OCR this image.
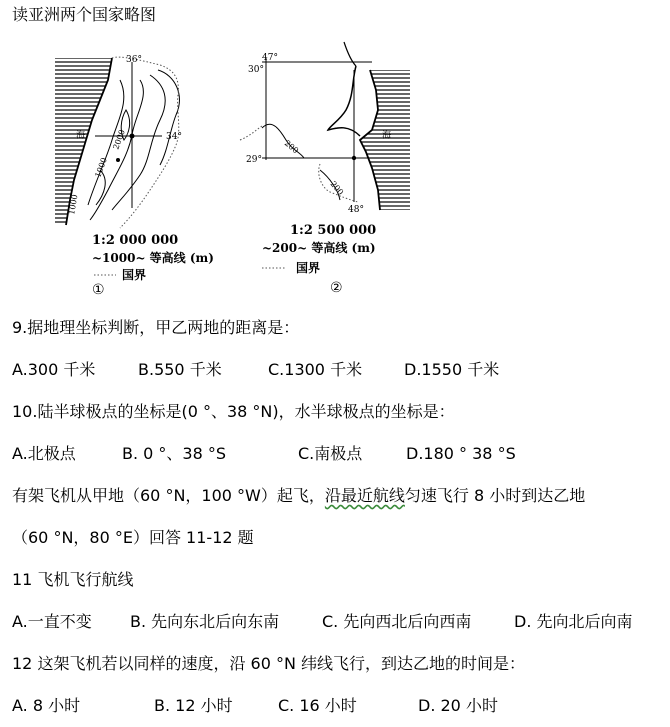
读亚洲两个国家略图
36°
34°
1000
2000
1000
海
1:2 000 000
~1000~ 等高线 (m)
国界
①
47°
30°
29°
48°
200
200
海
1:2 500 000
~200~ 等高线 (m)
国界
②
9.据地理坐标判断，甲乙两地的距离是：
A.300 千米	B.550 千米	C.1300 千米	D.1550 千米
10.陆半球极点的坐标是(0 °、38 °N)，水半球极点的坐标是：
A.北极点	B. 0 °、38 °S	C.南极点	D.180 ° 38 °S
有架飞机从甲地（60 °N，100 °W）起飞，沿最近航线匀速飞行 8 小时到达乙地
（60 °N，80 °E）回答 11-12 题
11 飞机飞行航线
A.一直不变 B. 先向东北后向东南	C. 先向西北后向西南	D. 先向北后向南
12 这架飞机若以同样的速度，沿 60 °N 纬线飞行，到达乙地的时间是：
A. 8 小时	B. 12 小时	C. 16 小时	D. 20 小时
